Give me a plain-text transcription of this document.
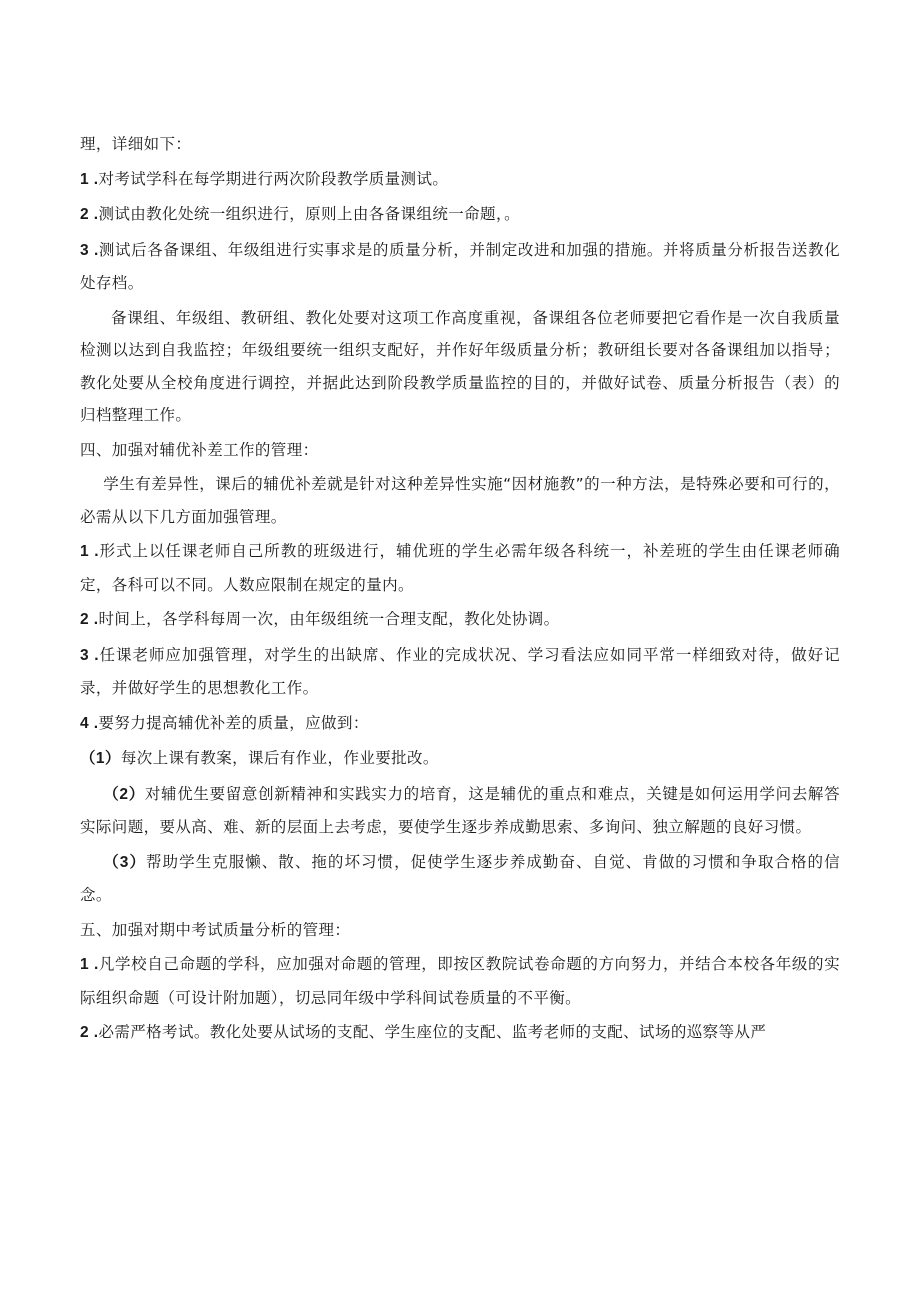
理，详细如下：

1 .对考试学科在每学期进行两次阶段教学质量测试。

2 .测试由教化处统一组织进行，原则上由各备课组统一命题，。

3 .测试后各备课组、年级组进行实事求是的质量分析，并制定改进和加强的措施。并将质量分析报告送教化处存档。

备课组、年级组、教研组、教化处要对这项工作高度重视，备课组各位老师要把它看作是一次自我质量检测以达到自我监控；年级组要统一组织支配好，并作好年级质量分析；教研组长要对各备课组加以指导；教化处要从全校角度进行调控，并据此达到阶段教学质量监控的目的，并做好试卷、质量分析报告（表）的归档整理工作。

四、加强对辅优补差工作的管理：

学生有差异性，课后的辅优补差就是针对这种差异性实施“因材施教”的一种方法，是特殊必要和可行的，必需从以下几方面加强管理。

1 .形式上以任课老师自己所教的班级进行，辅优班的学生必需年级各科统一，补差班的学生由任课老师确定，各科可以不同。人数应限制在规定的量内。

2 .时间上，各学科每周一次，由年级组统一合理支配，教化处协调。

3 .任课老师应加强管理，对学生的出缺席、作业的完成状况、学习看法应如同平常一样细致对待，做好记录，并做好学生的思想教化工作。

4 .要努力提高辅优补差的质量，应做到：

（1）每次上课有教案，课后有作业，作业要批改。

（2）对辅优生要留意创新精神和实践实力的培育，这是辅优的重点和难点，关键是如何运用学问去解答实际问题，要从高、难、新的层面上去考虑，要使学生逐步养成勤思索、多询问、独立解题的良好习惯。

（3）帮助学生克服懒、散、拖的坏习惯，促使学生逐步养成勤奋、自觉、肯做的习惯和争取合格的信念。

五、加强对期中考试质量分析的管理：

1 .凡学校自己命题的学科，应加强对命题的管理，即按区教院试卷命题的方向努力，并结合本校各年级的实际组织命题（可设计附加题），切忌同年级中学科间试卷质量的不平衡。

2 .必需严格考试。教化处要从试场的支配、学生座位的支配、监考老师的支配、试场的巡察等从严
